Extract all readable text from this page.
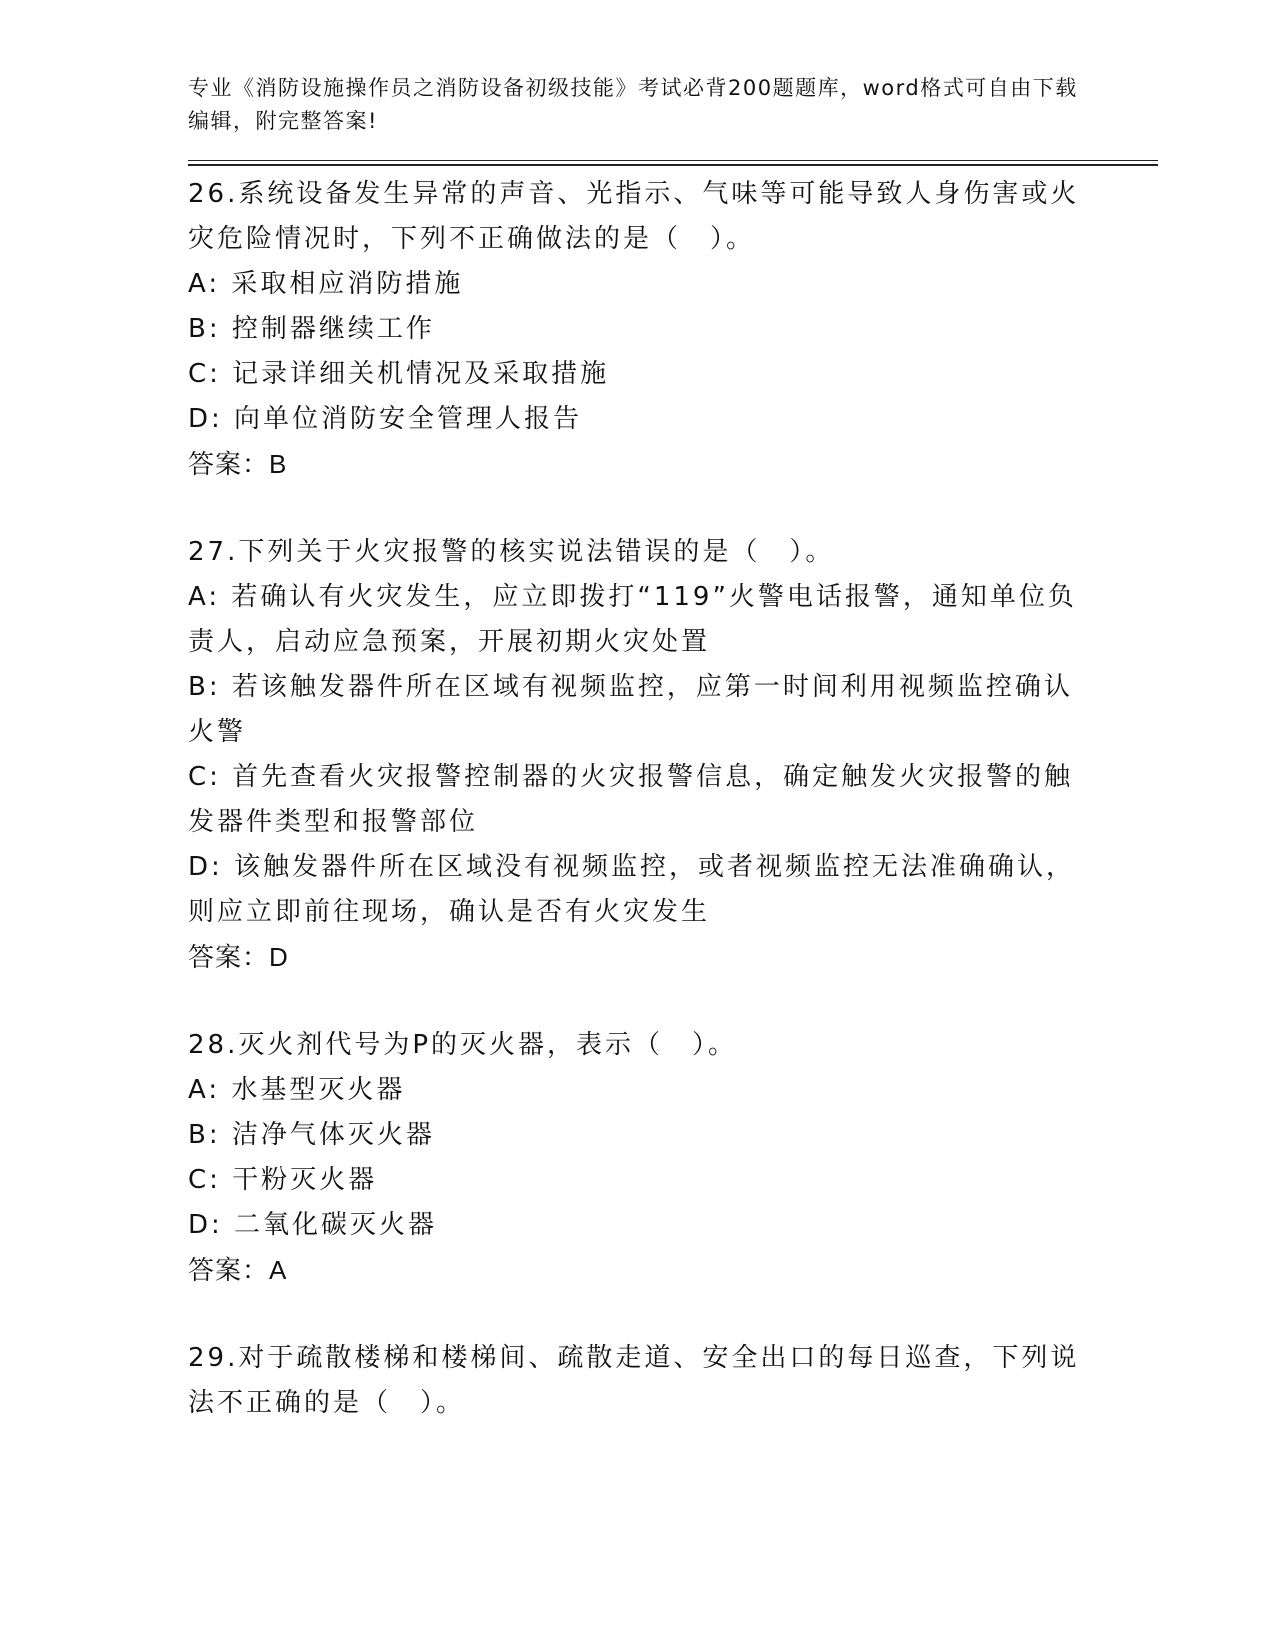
专业《消防设施操作员之消防设备初级技能》考试必背200题题库，word格式可自由下载编辑，附完整答案!

26.系统设备发生异常的声音、光指示、气味等可能导致人身伤害或火灾危险情况时，下列不正确做法的是（　）。

A: 采取相应消防措施

B: 控制器继续工作

C: 记录详细关机情况及采取措施

D: 向单位消防安全管理人报告

答案：B

27.下列关于火灾报警的核实说法错误的是（　）。

A: 若确认有火灾发生，应立即拨打“119”火警电话报警，通知单位负责人，启动应急预案，开展初期火灾处置

B: 若该触发器件所在区域有视频监控，应第一时间利用视频监控确认火警

C: 首先查看火灾报警控制器的火灾报警信息，确定触发火灾报警的触发器件类型和报警部位

D: 该触发器件所在区域没有视频监控，或者视频监控无法准确确认，则应立即前往现场，确认是否有火灾发生

答案：D

28.灭火剂代号为P的灭火器，表示（　）。

A: 水基型灭火器

B: 洁净气体灭火器

C: 干粉灭火器

D: 二氧化碳灭火器

答案：A

29.对于疏散楼梯和楼梯间、疏散走道、安全出口的每日巡查，下列说法不正确的是（　）。
